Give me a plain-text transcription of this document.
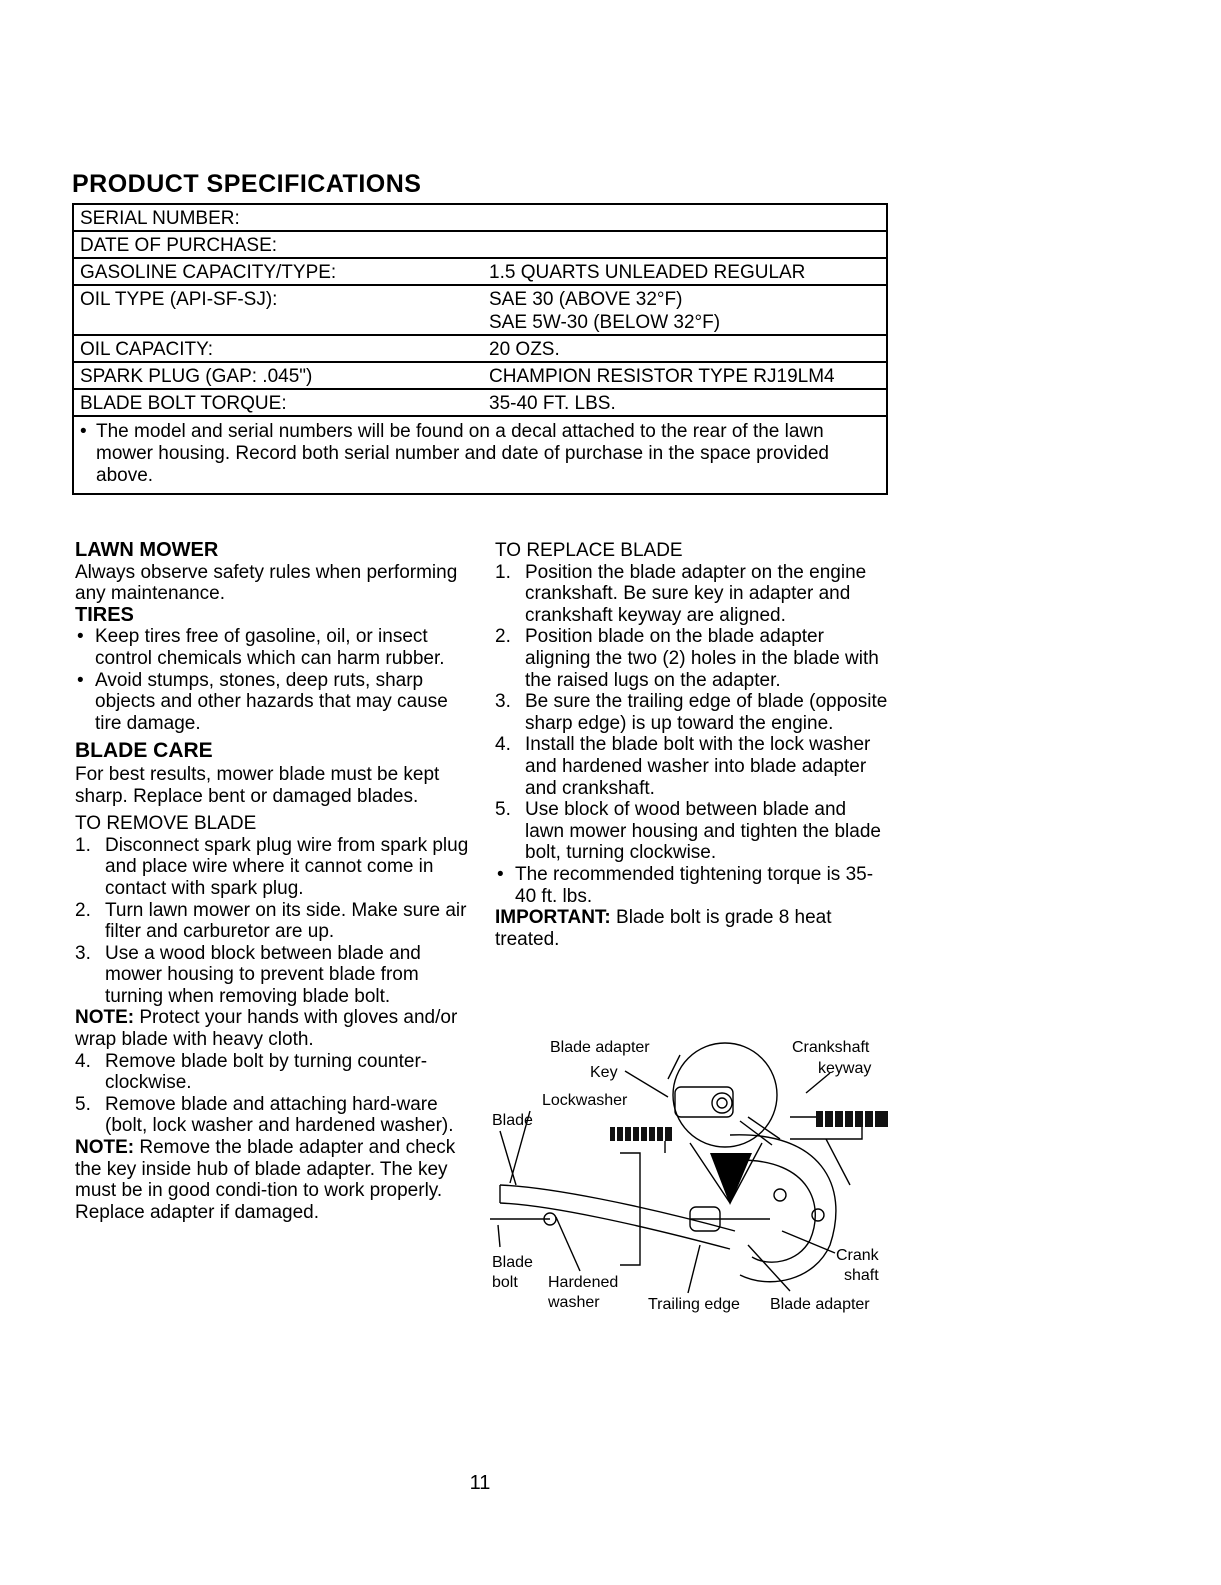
PRODUCT SPECIFICATIONS
SERIAL NUMBER:
DATE OF PURCHASE:
GASOLINE CAPACITY/TYPE:	1.5 QUARTS UNLEADED REGULAR
OIL TYPE (API-SF-SJ):	SAE 30 (ABOVE 32°F)
SAE 5W-30 (BELOW 32°F)
OIL CAPACITY:	20 OZS.
SPARK PLUG (GAP: .045")	CHAMPION RESISTOR TYPE RJ19LM4
BLADE BOLT TORQUE:	35-40 FT. LBS.
• The model and serial numbers will be found on a decal attached to the rear of the lawn mower housing. Record both serial number and date of purchase in the space provided above.
LAWN MOWER

Always observe safety rules when performing any maintenance.

TIRES
• Keep tires free of gasoline, oil, or insect control chemicals which can harm rubber.
• Avoid stumps, stones, deep ruts, sharp objects and other hazards that may cause tire damage.
BLADE CARE

For best results, mower blade must be kept sharp. Replace bent or damaged blades.

TO REMOVE BLADE
1. Disconnect spark plug wire from spark plug and place wire where it cannot come in contact with spark plug.
2. Turn lawn mower on its side. Make sure air filter and carburetor are up.
3. Use a wood block between blade and mower housing to prevent blade from turning when removing blade bolt.

NOTE: Protect your hands with gloves and/or wrap blade with heavy cloth.

4. Remove blade bolt by turning counter-clockwise.
5. Remove blade and attaching hard-ware (bolt, lock washer and hardened washer).

NOTE: Remove the blade adapter and check the key inside hub of blade adapter. The key must be in good condi-tion to work properly. Replace adapter if damaged.

TO REPLACE BLADE
1. Position the blade adapter on the engine crankshaft. Be sure key in adapter and crankshaft keyway are aligned.
2. Position blade on the blade adapter aligning the two (2) holes in the blade with the raised lugs on the adapter.
3. Be sure the trailing edge of blade (opposite sharp edge) is up toward the engine.
4. Install the blade bolt with the lock washer and hardened washer into blade adapter and crankshaft.
5. Use block of wood between blade and lawn mower housing and tighten the blade bolt, turning clockwise.
• The recommended tightening torque is 35-40 ft. lbs.

IMPORTANT: Blade bolt is grade 8 heat treated.

Blade adapter
Key
Crankshaft
keyway
Lockwasher
Blade
Blade
bolt Hardened
washer	Trailing edge Blade adapter
Crank
shaft
11
